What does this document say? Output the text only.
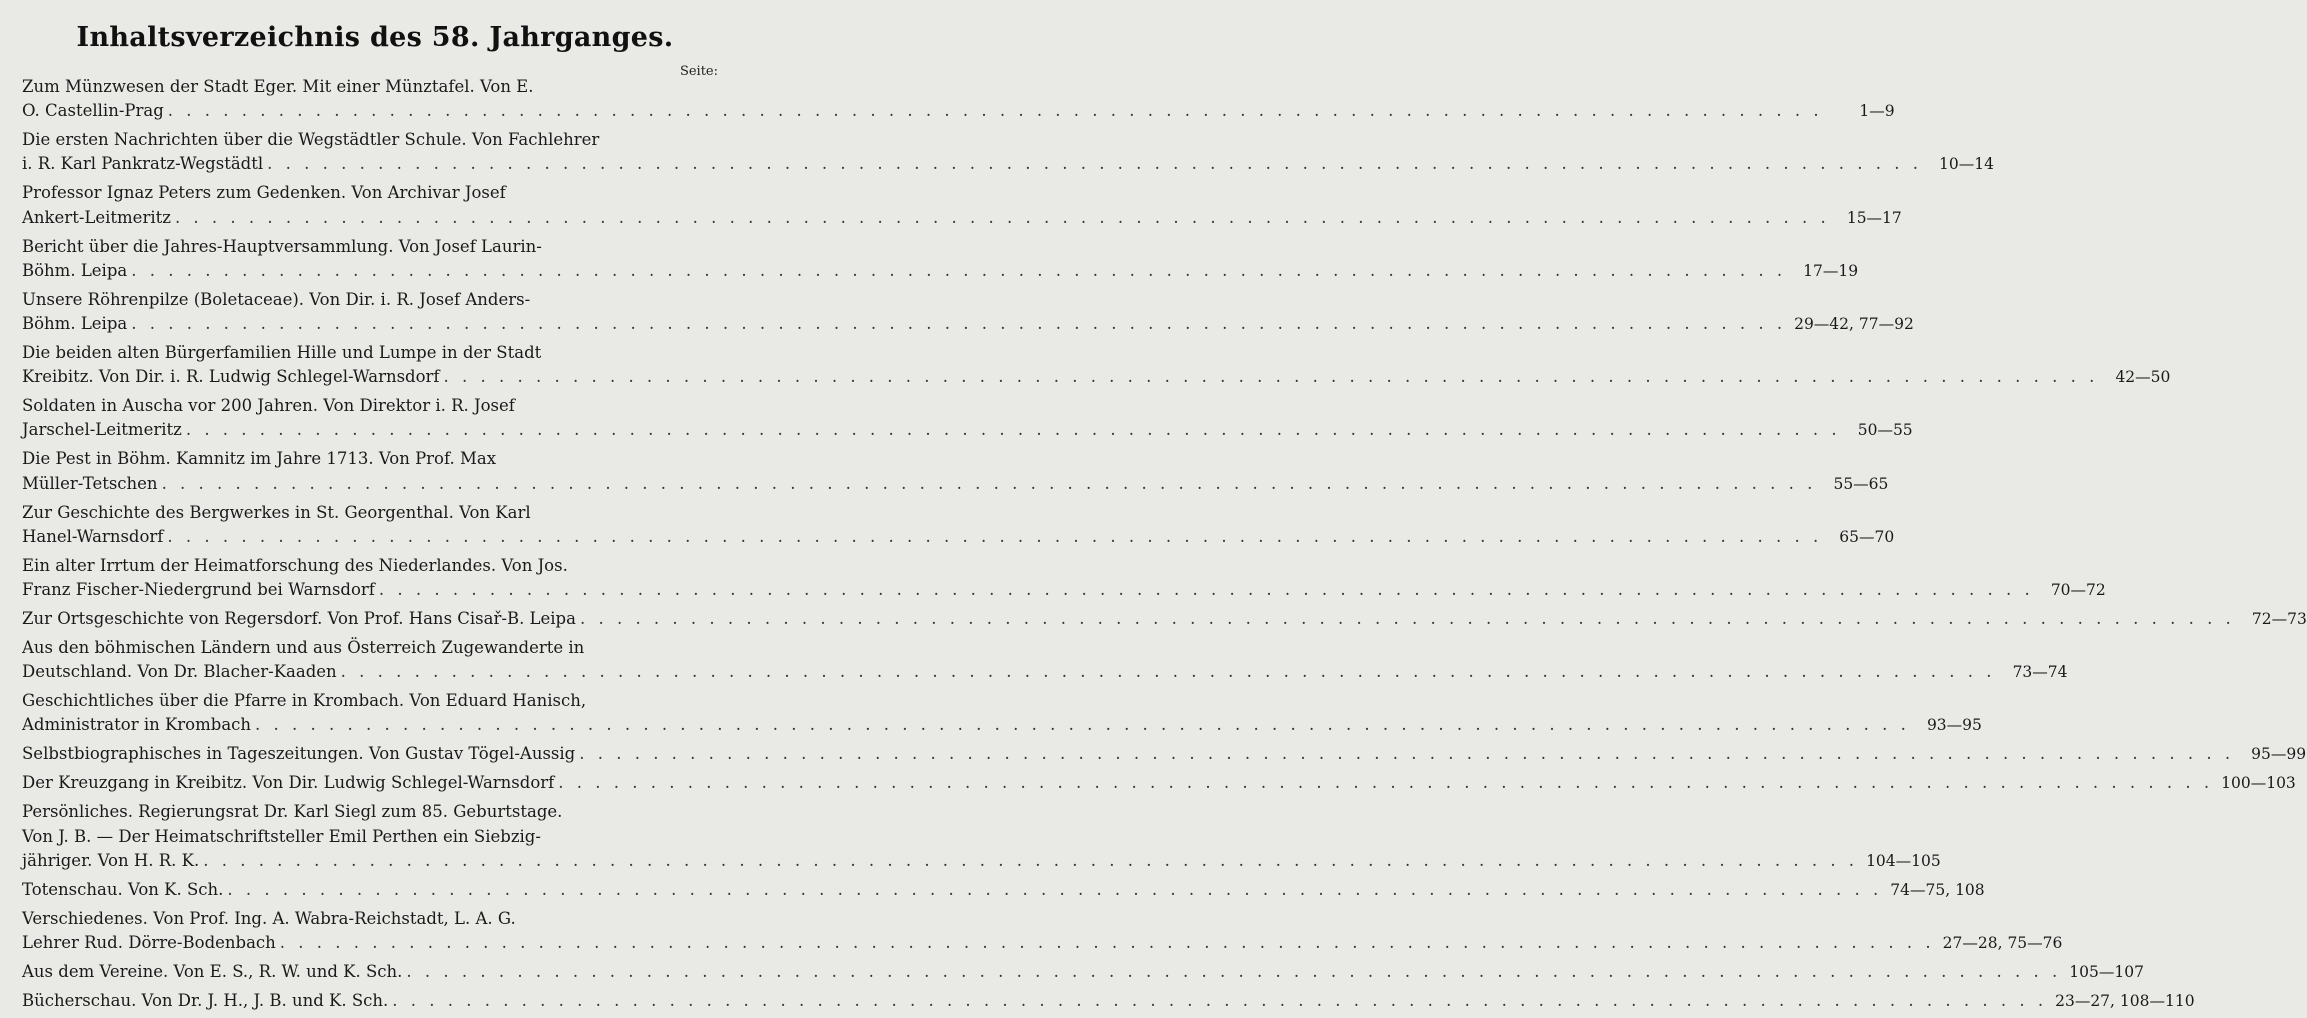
Inhaltsverzeichnis des 58. Jahrganges.
Seite:
Zum Münzwesen der Stadt Eger. Mit einer Münztafel. Von E.
O. Castellin-Prag . . .	1—9
Die ersten Nachrichten über die Wegstädtler Schule. Von Fachlehrer
i. R. Karl Pankratz-Wegstädtl . . .	10—14
Professor Ignaz Peters zum Gedenken. Von Archivar Josef
Ankert-Leitmeritz . . .	15—17
Bericht über die Jahres-Hauptversammlung. Von Josef Laurin-
Böhm. Leipa . . .	17—19
Unsere Röhrenpilze (Boletaceae). Von Dir. i. R. Josef Anders-
Böhm. Leipa . . .	29—42, 77—92
Die beiden alten Bürgerfamilien Hille und Lumpe in der Stadt
Kreibitz. Von Dir. i. R. Ludwig Schlegel-Warnsdorf . . .	42—50
Soldaten in Auscha vor 200 Jahren. Von Direktor i. R. Josef
Jarschel-Leitmeritz . . .	50—55
Die Pest in Böhm. Kamnitz im Jahre 1713. Von Prof. Max
Müller-Tetschen . . .	55—65
Zur Geschichte des Bergwerkes in St. Georgenthal. Von Karl
Hanel-Warnsdorf . . .	65—70
Ein alter Irrtum der Heimatforschung des Niederlandes. Von Jos.
Franz Fischer-Niedergrund bei Warnsdorf . . .	70—72
Zur Ortsgeschichte von Regersdorf. Von Prof. Hans Cisař-B. Leipa . . .	72—73
Aus den böhmischen Ländern und aus Österreich Zugewanderte in
Deutschland. Von Dr. Blacher-Kaaden . . .	73—74
Geschichtliches über die Pfarre in Krombach. Von Eduard Hanisch,
Administrator in Krombach . . .	93—95
Selbstbiographisches in Tageszeitungen. Von Gustav Tögel-Aussig . . .	95—99
Der Kreuzgang in Kreibitz. Von Dir. Ludwig Schlegel-Warnsdorf . . .	100—103
Persönliches. Regierungsrat Dr. Karl Siegl zum 85. Geburtstage.
Von J. B. — Der Heimatschriftsteller Emil Perthen ein Siebzig-
jähriger. Von H. R. K. . . .	104—105
Totenschau. Von K. Sch. . . .	74—75, 108
Verschiedenes. Von Prof. Ing. A. Wabra-Reichstadt, L. A. G.
Lehrer Rud. Dörre-Bodenbach . . .	27—28, 75—76
Aus dem Vereine. Von E. S., R. W. und K. Sch. . . .	105—107
Bücherschau. Von Dr. J. H., J. B. und K. Sch. . . .	23—27, 108—110
